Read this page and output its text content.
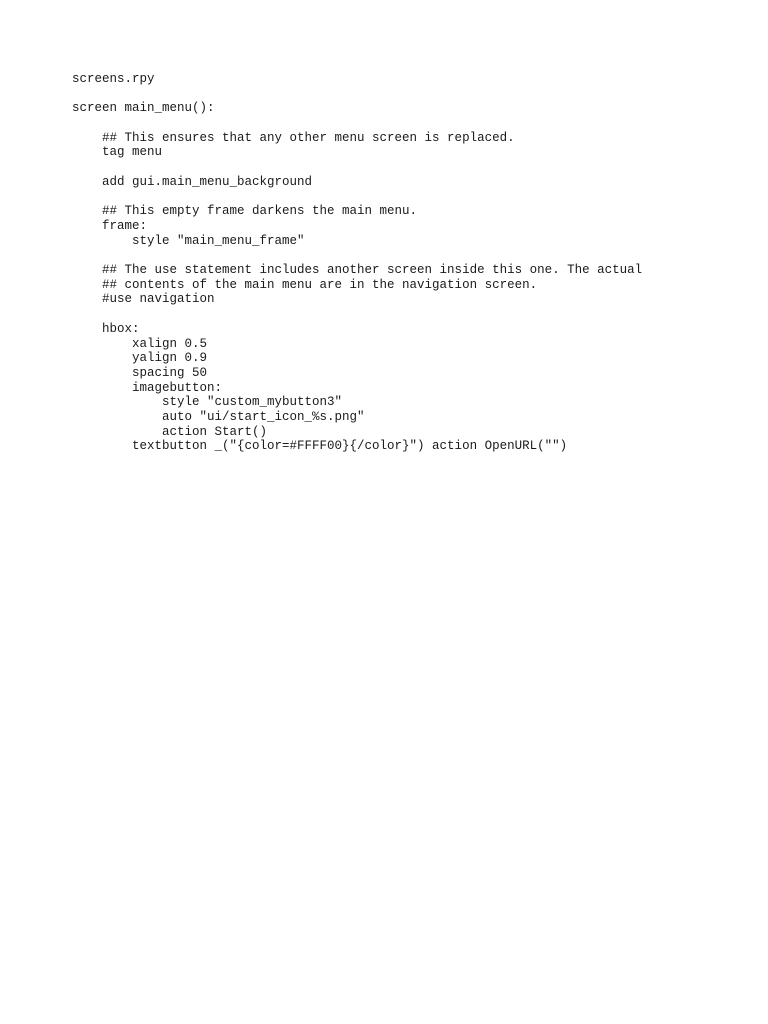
screens.rpy
screen main_menu():
## This ensures that any other menu screen is replaced.
tag menu
add gui.main_menu_background
## This empty frame darkens the main menu.
frame:
style "main_menu_frame"
## The use statement includes another screen inside this one. The actual
## contents of the main menu are in the navigation screen.
#use navigation
hbox:
xalign 0.5
yalign 0.9
spacing 50
imagebutton:
style "custom_mybutton3"
auto "ui/start_icon_%s.png"
action Start()
textbutton _("{color=#FFFF00}{/color}") action OpenURL("")
